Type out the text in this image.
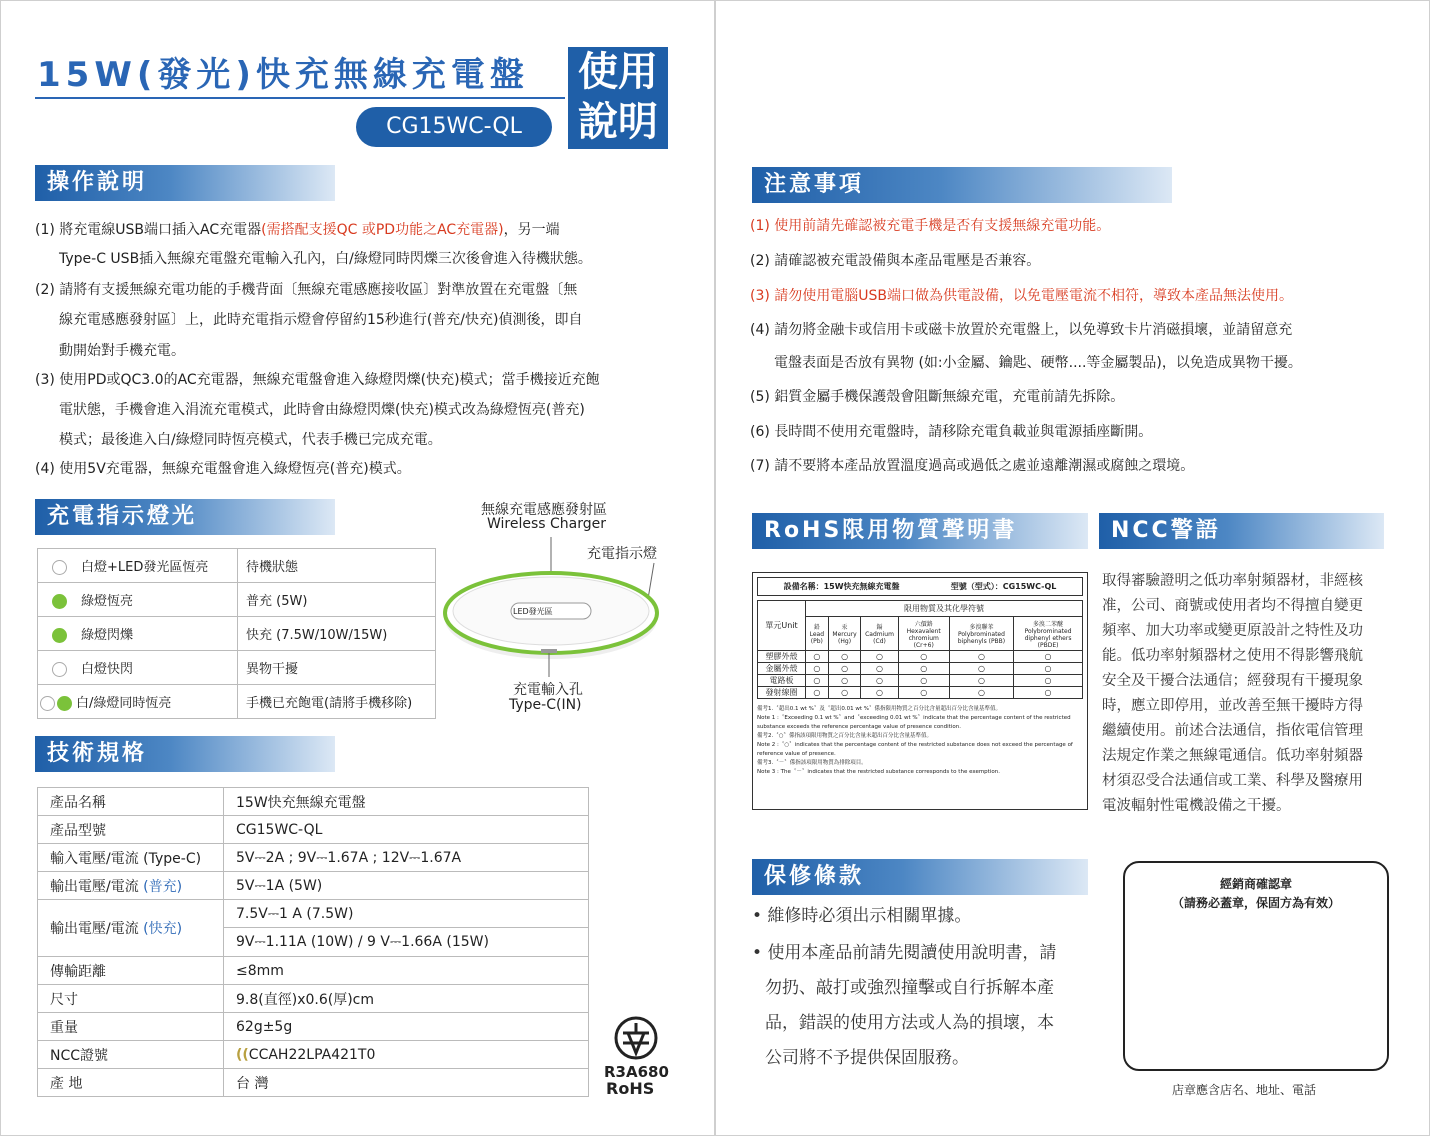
15W(發光)快充無線充電盤
CG15WC-QL
使用
說明
操作說明
(1) 將充電線USB端口插入AC充電器(需搭配支援QC 或PD功能之AC充電器)，另一端
Type-C USB插入無線充電盤充電輸入孔內，白/綠燈同時閃爍三次後會進入待機狀態。
(2) 請將有支援無線充電功能的手機背面〔無線充電感應接收區〕對準放置在充電盤〔無
線充電感應發射區〕上，此時充電指示燈會停留約15秒進行(普充/快充)偵測後，即自
動開始對手機充電。
(3) 使用PD或QC3.0的AC充電器，無線充電盤會進入綠燈閃爍(快充)模式；當手機接近充飽
電狀態，手機會進入涓流充電模式，此時會由綠燈閃爍(快充)模式改為綠燈恆亮(普充)
模式；最後進入白/綠燈同時恆亮模式，代表手機已完成充電。
(4) 使用5V充電器，無線充電盤會進入綠燈恆亮(普充)模式。
充電指示燈光
白燈+LED發光區恆亮	待機狀態
綠燈恆亮	普充 (5W)
綠燈閃爍	快充 (7.5W/10W/15W)
白燈快閃	異物干擾
白/綠燈同時恆亮	手機已充飽電(請將手機移除)
無線充電感應發射區
Wireless Charger
充電指示燈
LED發光區
充電輸入孔
Type-C(IN)
技術規格
產品名稱	15W快充無線充電盤
產品型號	CG15WC-QL
輸入電壓/電流 (Type-C)	5V⎓2A ; 9V⎓1.67A ; 12V⎓1.67A
輸出電壓/電流 (普充)	5V⎓1A (5W)
輸出電壓/電流 (快充)	7.5V⎓1 A (7.5W)
9V⎓1.11A (10W) / 9 V⎓1.66A (15W)

傳輸距離	≤8mm
尺寸	9.8(直徑)x0.6(厚)cm
重量	62g±5g
NCC證號	((CCAH22LPA421T0
產 地	台 灣
R3A680
RoHS
注意事項
(1) 使用前請先確認被充電手機是否有支援無線充電功能。
(2) 請確認被充電設備與本產品電壓是否兼容。
(3) 請勿使用電腦USB端口做為供電設備，以免電壓電流不相符，導致本產品無法使用。
(4) 請勿將金融卡或信用卡或磁卡放置於充電盤上，以免導致卡片消磁損壞，並請留意充
電盤表面是否放有異物 (如:小金屬、鑰匙、硬幣....等金屬製品)，以免造成異物干擾。
(5) 鋁質金屬手機保護殼會阻斷無線充電，充電前請先拆除。
(6) 長時間不使用充電盤時，請移除充電負載並與電源插座斷開。
(7) 請不要將本產品放置溫度過高或過低之處並遠離潮濕或腐蝕之環境。
RoHS限用物質聲明書
設備名稱：15W快充無線充電盤	型號（型式）：CG15WC-QL
單元Unit	限用物質及其化學符號					
	鉛Lead (Pb)	汞Mercury (Hg)	鎘Cadmium (Cd)	六價鉻 Hexavalent chromium (Cr+6)	多溴聯苯 Polybrominated biphenyls (PBB)	多溴二苯醚 Polybrominated diphenyl ethers (PBDE)
塑膠外殼	○	○	○	○	○	○
金屬外殼	○	○	○	○	○	○
電路板	○	○	○	○	○	○
發射線圈	○	○	○	○	○	○
備考1.〝超出0.1 wt %〞及〝超出0.01 wt %〞係指限用物質之百分比含量超出百分比含量基準值。
Note 1 :〝Exceeding 0.1 wt %〞and〝exceeding 0.01 wt %〞indicate that the percentage content of the restricted substance exceeds the reference percentage value of presence condition.
備考2.〝○〞係指該項限用物質之百分比含量未超出百分比含量基準值。
Note 2 :〝○〞indicates that the percentage content of the restricted substance does not exceed the percentage of reference value of presence.
備考3.〝－〞係指該項限用物質為排除項目。
Note 3 : The〝－〞indicates that the restricted substance corresponds to the exemption.
NCC警語
取得審驗證明之低功率射頻器材，非經核
准，公司、商號或使用者均不得擅自變更
頻率、加大功率或變更原設計之特性及功
能。低功率射頻器材之使用不得影響飛航
安全及干擾合法通信；經發現有干擾現象
時，應立即停用，並改善至無干擾時方得
繼續使用。前述合法通信，指依電信管理
法規定作業之無線電通信。低功率射頻器
材須忍受合法通信或工業、科學及醫療用
電波輻射性電機設備之干擾。
保修條款
• 維修時必須出示相關單據。
• 使用本產品前請先閱讀使用說明書，請
勿扔、敲打或強烈撞擊或自行拆解本產
品，錯誤的使用方法或人為的損壞，本
公司將不予提供保固服務。
經銷商確認章
（請務必蓋章，保固方為有效）
店章應含店名、地址、電話
